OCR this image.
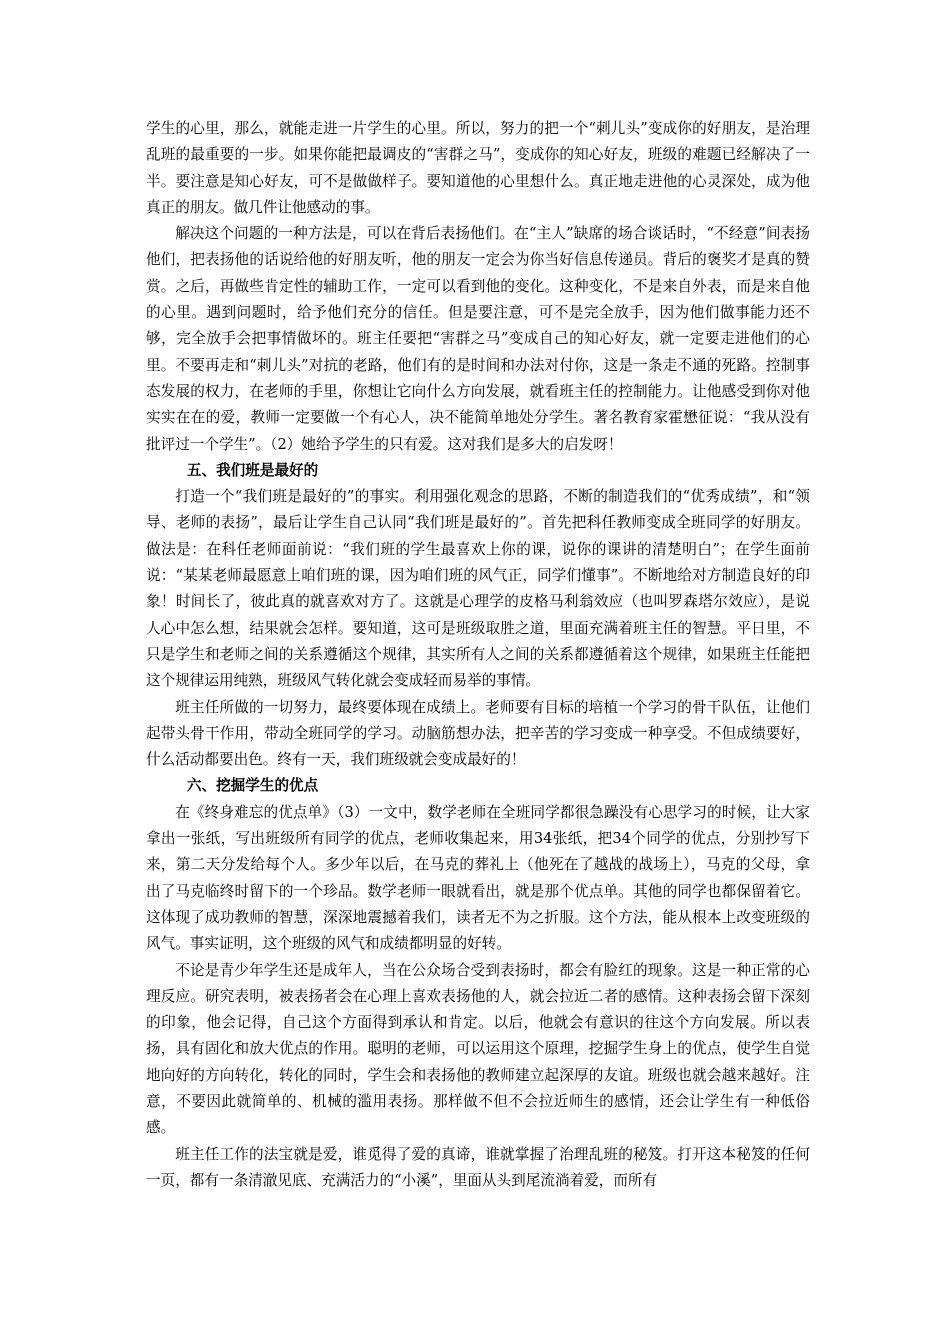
学生的心里，那么，就能走进一片学生的心里。所以，努力的把一个“刺儿头”变成你的好朋友，是治理乱班的最重要的一步。如果你能把最调皮的“害群之马”，变成你的知心好友，班级的难题已经解决了一半。要注意是知心好友，可不是做做样子。要知道他的心里想什么。真正地走进他的心灵深处，成为他真正的朋友。做几件让他感动的事。

解决这个问题的一种方法是，可以在背后表扬他们。在“主人”缺席的场合谈话时，“不经意”间表扬他们，把表扬他的话说给他的好朋友听，他的朋友一定会为你当好信息传递员。背后的褒奖才是真的赞赏。之后，再做些肯定性的辅助工作，一定可以看到他的变化。这种变化，不是来自外表，而是来自他的心里。遇到问题时，给予他们充分的信任。但是要注意，可不是完全放手，因为他们做事能力还不够，完全放手会把事情做坏的。班主任要把“害群之马”变成自己的知心好友，就一定要走进他们的心里。不要再走和“刺儿头”对抗的老路，他们有的是时间和办法对付你，这是一条走不通的死路。控制事态发展的权力，在老师的手里，你想让它向什么方向发展，就看班主任的控制能力。让他感受到你对他实实在在的爱，教师一定要做一个有心人，决不能简单地处分学生。著名教育家霍懋征说：“我从没有批评过一个学生”。（2）她给予学生的只有爱。这对我们是多大的启发呀！

五、我们班是最好的

打造一个“我们班是最好的”的事实。利用强化观念的思路，不断的制造我们的“优秀成绩”，和“领导、老师的表扬”，最后让学生自己认同“我们班是最好的”。首先把科任教师变成全班同学的好朋友。做法是：在科任老师面前说：“我们班的学生最喜欢上你的课，说你的课讲的清楚明白”；在学生面前说：“某某老师最愿意上咱们班的课，因为咱们班的风气正，同学们懂事”。不断地给对方制造良好的印象！时间长了，彼此真的就喜欢对方了。这就是心理学的皮格马利翁效应（也叫罗森塔尔效应），是说人心中怎么想，结果就会怎样。要知道，这可是班级取胜之道，里面充满着班主任的智慧。平日里，不只是学生和老师之间的关系遵循这个规律，其实所有人之间的关系都遵循着这个规律，如果班主任能把这个规律运用纯熟，班级风气转化就会变成轻而易举的事情。

班主任所做的一切努力，最终要体现在成绩上。老师要有目标的培植一个学习的骨干队伍，让他们起带头骨干作用，带动全班同学的学习。动脑筋想办法，把辛苦的学习变成一种享受。不但成绩要好，什么活动都要出色。终有一天，我们班级就会变成最好的！

六、挖掘学生的优点

在《终身难忘的优点单》（3）一文中，数学老师在全班同学都很急躁没有心思学习的时候，让大家拿出一张纸，写出班级所有同学的优点，老师收集起来，用34张纸，把34个同学的优点，分别抄写下来，第二天分发给每个人。多少年以后，在马克的葬礼上（他死在了越战的战场上），马克的父母，拿出了马克临终时留下的一个珍品。数学老师一眼就看出，就是那个优点单。其他的同学也都保留着它。这体现了成功教师的智慧，深深地震撼着我们，读者无不为之折服。这个方法，能从根本上改变班级的风气。事实证明，这个班级的风气和成绩都明显的好转。

不论是青少年学生还是成年人，当在公众场合受到表扬时，都会有脸红的现象。这是一种正常的心理反应。研究表明，被表扬者会在心理上喜欢表扬他的人，就会拉近二者的感情。这种表扬会留下深刻的印象，他会记得，自己这个方面得到承认和肯定。以后，他就会有意识的往这个方向发展。所以表扬，具有固化和放大优点的作用。聪明的老师，可以运用这个原理，挖掘学生身上的优点，使学生自觉地向好的方向转化，转化的同时，学生会和表扬他的教师建立起深厚的友谊。班级也就会越来越好。注意，不要因此就简单的、机械的滥用表扬。那样做不但不会拉近师生的感情，还会让学生有一种低俗感。

班主任工作的法宝就是爱，谁觅得了爱的真谛，谁就掌握了治理乱班的秘笈。打开这本秘笈的任何一页，都有一条清澈见底、充满活力的“小溪”，里面从头到尾流淌着爱，而所有
